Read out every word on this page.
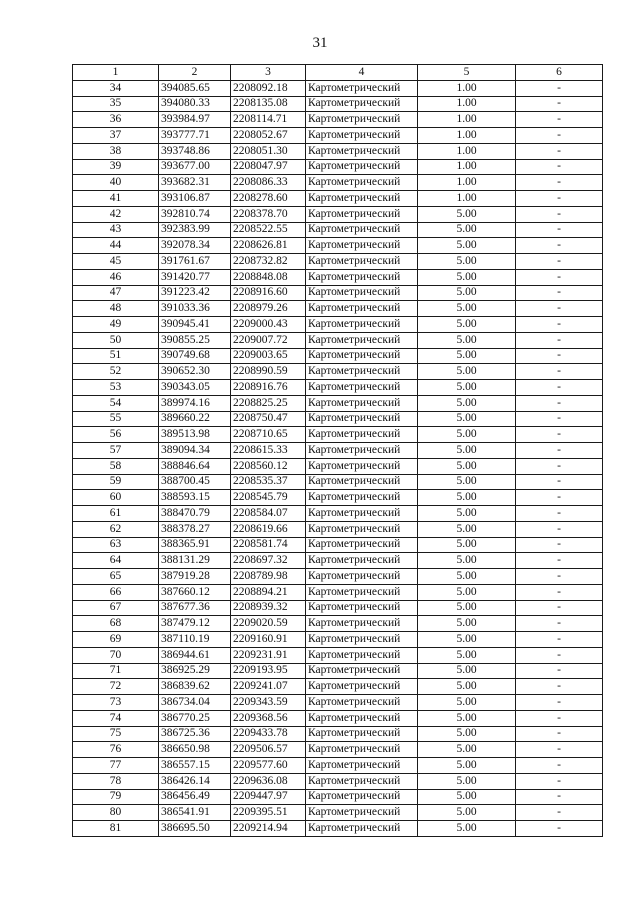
31
1	2	3	4	5	6
34	394085.65	2208092.18	Картометрический	1.00	-
35	394080.33	2208135.08	Картометрический	1.00	-
36	393984.97	2208114.71	Картометрический	1.00	-
37	393777.71	2208052.67	Картометрический	1.00	-
38	393748.86	2208051.30	Картометрический	1.00	-
39	393677.00	2208047.97	Картометрический	1.00	-
40	393682.31	2208086.33	Картометрический	1.00	-
41	393106.87	2208278.60	Картометрический	1.00	-
42	392810.74	2208378.70	Картометрический	5.00	-
43	392383.99	2208522.55	Картометрический	5.00	-
44	392078.34	2208626.81	Картометрический	5.00	-
45	391761.67	2208732.82	Картометрический	5.00	-
46	391420.77	2208848.08	Картометрический	5.00	-
47	391223.42	2208916.60	Картометрический	5.00	-
48	391033.36	2208979.26	Картометрический	5.00	-
49	390945.41	2209000.43	Картометрический	5.00	-
50	390855.25	2209007.72	Картометрический	5.00	-
51	390749.68	2209003.65	Картометрический	5.00	-
52	390652.30	2208990.59	Картометрический	5.00	-
53	390343.05	2208916.76	Картометрический	5.00	-
54	389974.16	2208825.25	Картометрический	5.00	-
55	389660.22	2208750.47	Картометрический	5.00	-
56	389513.98	2208710.65	Картометрический	5.00	-
57	389094.34	2208615.33	Картометрический	5.00	-
58	388846.64	2208560.12	Картометрический	5.00	-
59	388700.45	2208535.37	Картометрический	5.00	-
60	388593.15	2208545.79	Картометрический	5.00	-
61	388470.79	2208584.07	Картометрический	5.00	-
62	388378.27	2208619.66	Картометрический	5.00	-
63	388365.91	2208581.74	Картометрический	5.00	-
64	388131.29	2208697.32	Картометрический	5.00	-
65	387919.28	2208789.98	Картометрический	5.00	-
66	387660.12	2208894.21	Картометрический	5.00	-
67	387677.36	2208939.32	Картометрический	5.00	-
68	387479.12	2209020.59	Картометрический	5.00	-
69	387110.19	2209160.91	Картометрический	5.00	-
70	386944.61	2209231.91	Картометрический	5.00	-
71	386925.29	2209193.95	Картометрический	5.00	-
72	386839.62	2209241.07	Картометрический	5.00	-
73	386734.04	2209343.59	Картометрический	5.00	-
74	386770.25	2209368.56	Картометрический	5.00	-
75	386725.36	2209433.78	Картометрический	5.00	-
76	386650.98	2209506.57	Картометрический	5.00	-
77	386557.15	2209577.60	Картометрический	5.00	-
78	386426.14	2209636.08	Картометрический	5.00	-
79	386456.49	2209447.97	Картометрический	5.00	-
80	386541.91	2209395.51	Картометрический	5.00	-
81	386695.50	2209214.94	Картометрический	5.00	-
